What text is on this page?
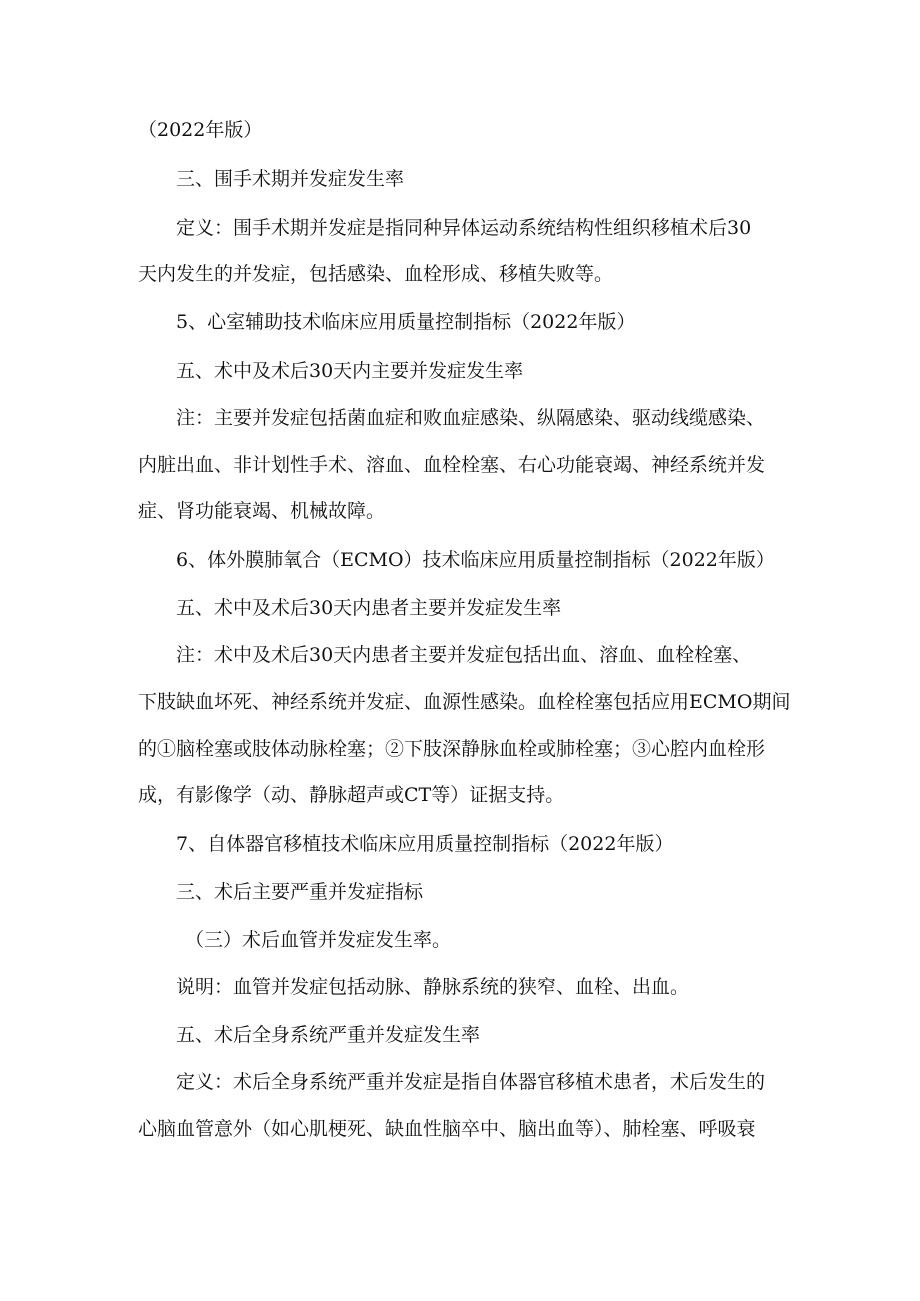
（2022年版）
三、围手术期并发症发生率
定义：围手术期并发症是指同种异体运动系统结构性组织移植术后30
天内发生的并发症，包括感染、血栓形成、移植失败等。
5、心室辅助技术临床应用质量控制指标（2022年版）
五、术中及术后30天内主要并发症发生率
注：主要并发症包括菌血症和败血症感染、纵隔感染、驱动线缆感染、
内脏出血、非计划性手术、溶血、血栓栓塞、右心功能衰竭、神经系统并发
症、肾功能衰竭、机械故障。
6、体外膜肺氧合（ECMO）技术临床应用质量控制指标（2022年版）
五、术中及术后30天内患者主要并发症发生率
注：术中及术后30天内患者主要并发症包括出血、溶血、血栓栓塞、
下肢缺血坏死、神经系统并发症、血源性感染。血栓栓塞包括应用ECMO期间
的①脑栓塞或肢体动脉栓塞；②下肢深静脉血栓或肺栓塞；③心腔内血栓形
成，有影像学（动、静脉超声或CT等）证据支持。
7、自体器官移植技术临床应用质量控制指标（2022年版）
三、术后主要严重并发症指标
（三）术后血管并发症发生率。
说明：血管并发症包括动脉、静脉系统的狭窄、血栓、出血。
五、术后全身系统严重并发症发生率
定义：术后全身系统严重并发症是指自体器官移植术患者，术后发生的
心脑血管意外（如心肌梗死、缺血性脑卒中、脑出血等）、肺栓塞、呼吸衰
